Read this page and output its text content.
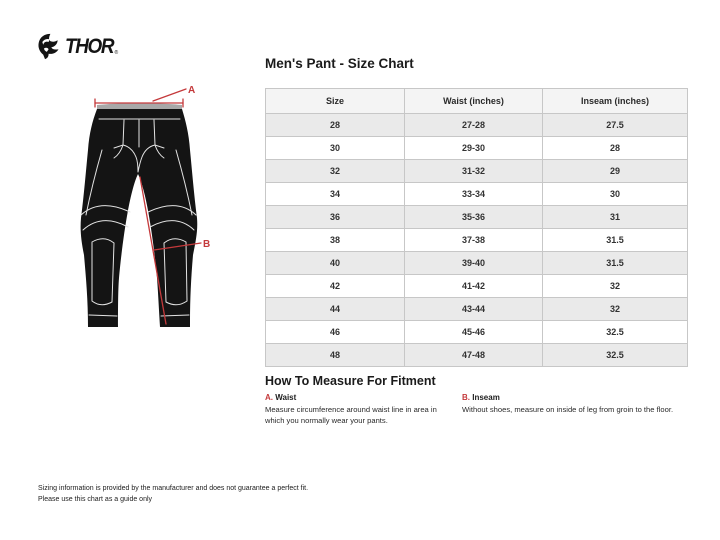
THOR ®
A
B
Men's Pant - Size Chart
Size	Waist (inches)	Inseam (inches)
28	27-28	27.5
30	29-30	28
32	31-32	29
34	33-34	30
36	35-36	31
38	37-38	31.5
40	39-40	31.5
42	41-42	32
44	43-44	32
46	45-46	32.5
48	47-48	32.5
How To Measure For Fitment
A. Waist
Measure circumference around waist line in area in which you normally wear your pants.
B. Inseam
Without shoes, measure on inside of leg from groin to the floor.
Sizing information is provided by the manufacturer and does not guarantee a perfect fit.
Please use this chart as a guide only
